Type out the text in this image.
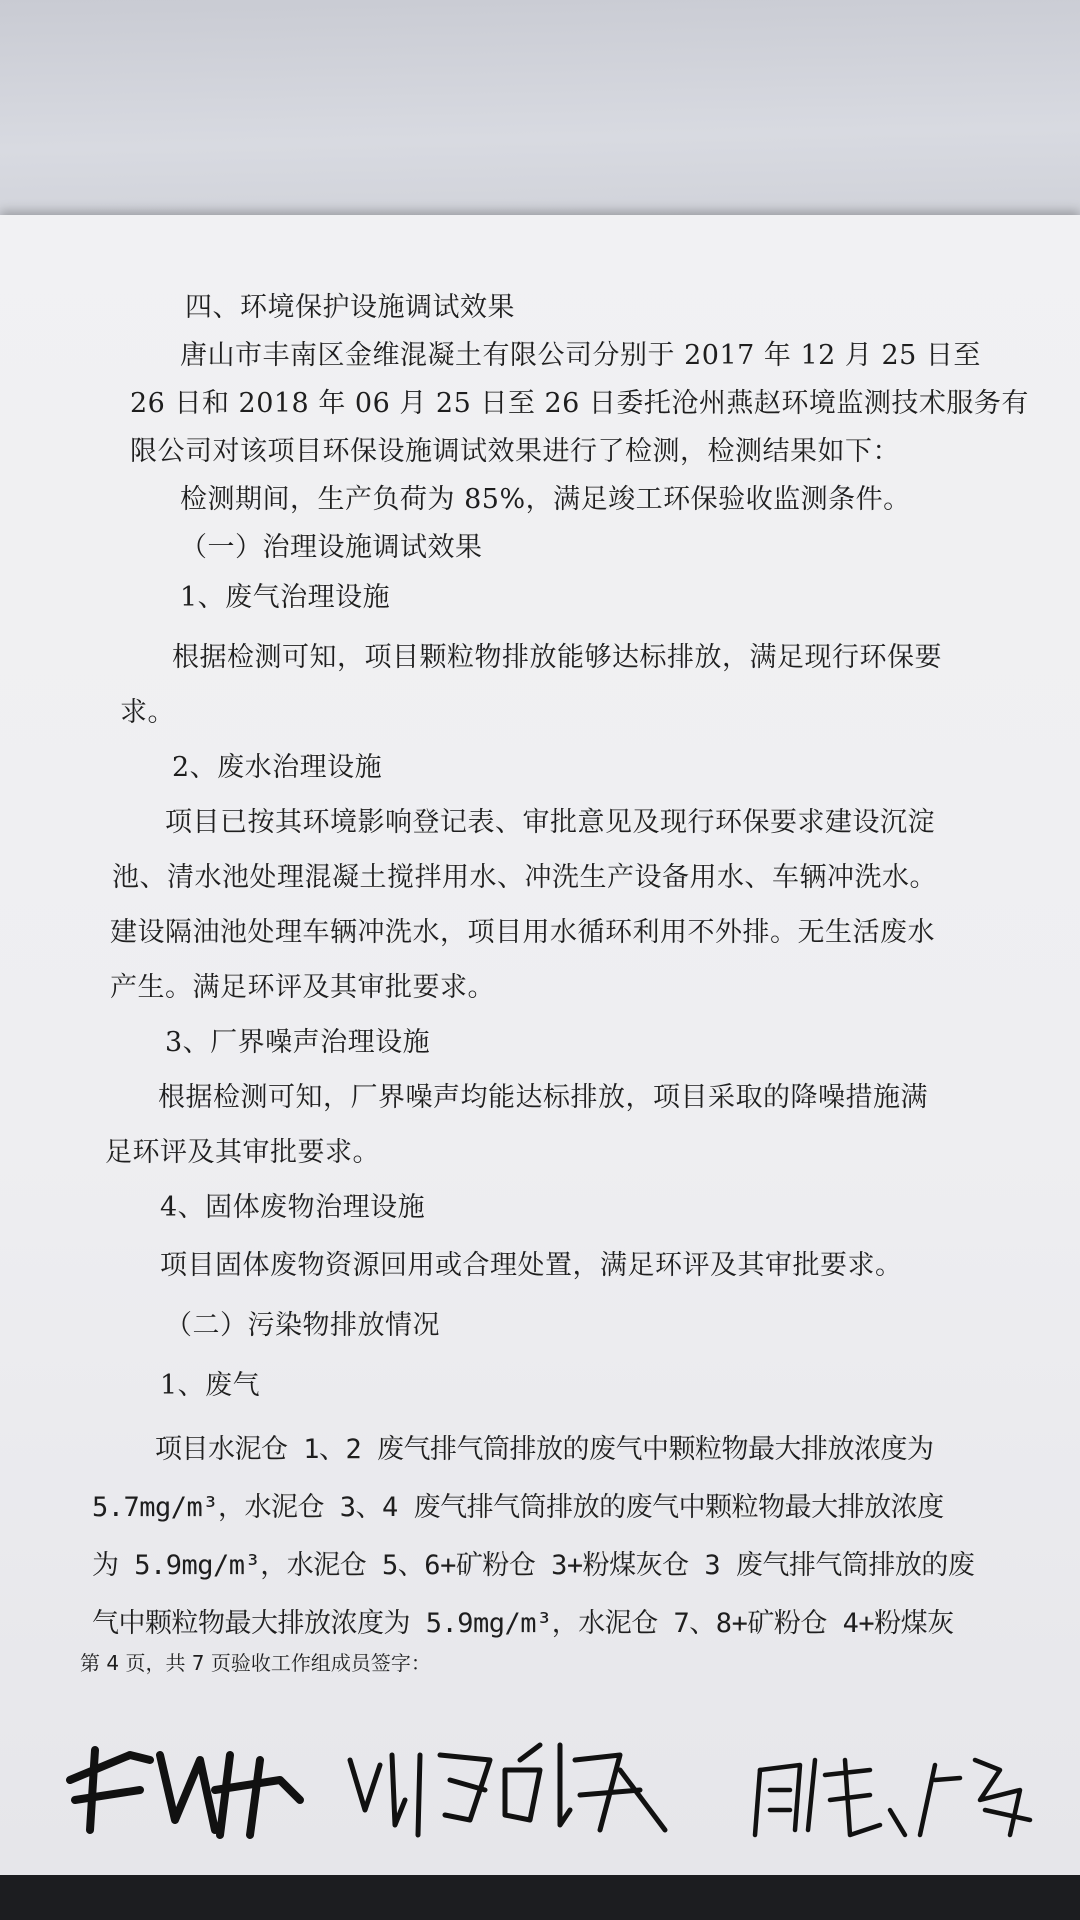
四、环境保护设施调试效果
唐山市丰南区金维混凝土有限公司分别于 2017 年 12 月 25 日至
26 日和 2018 年 06 月 25 日至 26 日委托沧州燕赵环境监测技术服务有
限公司对该项目环保设施调试效果进行了检测，检测结果如下：
检测期间，生产负荷为 85%，满足竣工环保验收监测条件。
（一）治理设施调试效果
1、废气治理设施
根据检测可知，项目颗粒物排放能够达标排放，满足现行环保要
求。
2、废水治理设施
项目已按其环境影响登记表、审批意见及现行环保要求建设沉淀
池、清水池处理混凝土搅拌用水、冲洗生产设备用水、车辆冲洗水。
建设隔油池处理车辆冲洗水，项目用水循环利用不外排。无生活废水
产生。满足环评及其审批要求。
3、厂界噪声治理设施
根据检测可知，厂界噪声均能达标排放，项目采取的降噪措施满
足环评及其审批要求。
4、固体废物治理设施
项目固体废物资源回用或合理处置，满足环评及其审批要求。
（二）污染物排放情况
1、废气
项目水泥仓 1、2 废气排气筒排放的废气中颗粒物最大排放浓度为
5.7mg/m³，水泥仓 3、4 废气排气筒排放的废气中颗粒物最大排放浓度
为 5.9mg/m³，水泥仓 5、6+矿粉仓 3+粉煤灰仓 3 废气排气筒排放的废
气中颗粒物最大排放浓度为 5.9mg/m³，水泥仓 7、8+矿粉仓 4+粉煤灰
第 4 页，共 7 页验收工作组成员签字：
